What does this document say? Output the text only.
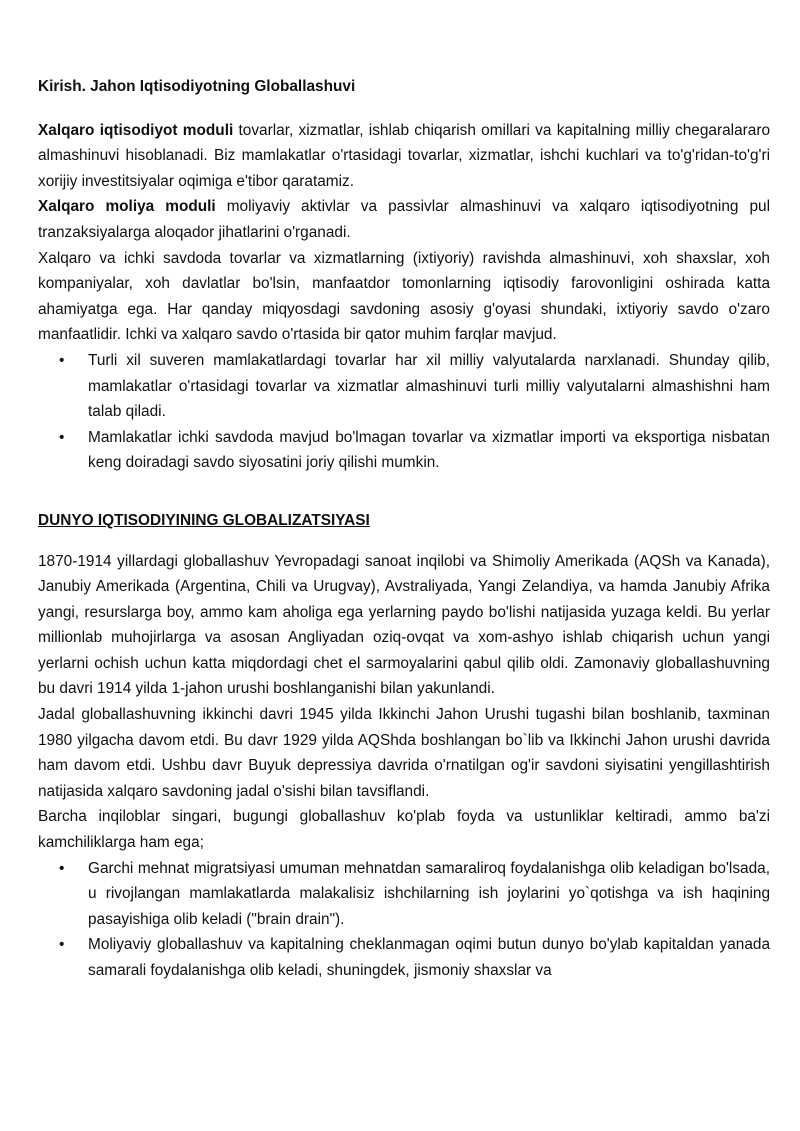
Kirish. Jahon Iqtisodiyotning Globallashuvi

Xalqaro iqtisodiyot moduli tovarlar, xizmatlar, ishlab chiqarish omillari va kapitalning milliy chegaralararo almashinuvi hisoblanadi. Biz mamlakatlar o'rtasidagi tovarlar, xizmatlar, ishchi kuchlari va to'g'ridan-to'g'ri xorijiy investitsiyalar oqimiga e'tibor qaratamiz.

Xalqaro moliya moduli moliyaviy aktivlar va passivlar almashinuvi va xalqaro iqtisodiyotning pul tranzaksiyalarga aloqador jihatlarini o'rganadi.

Xalqaro va ichki savdoda tovarlar va xizmatlarning (ixtiyoriy) ravishda almashinuvi, xoh shaxslar, xoh kompaniyalar, xoh davlatlar bo'lsin, manfaatdor tomonlarning iqtisodiy farovonligini oshirada katta ahamiyatga ega. Har qanday miqyosdagi savdoning asosiy g'oyasi shundaki, ixtiyoriy savdo o'zaro manfaatlidir. Ichki va xalqaro savdo o'rtasida bir qator muhim farqlar mavjud.

• Turli xil suveren mamlakatlardagi tovarlar har xil milliy valyutalarda narxlanadi. Shunday qilib, mamlakatlar o'rtasidagi tovarlar va xizmatlar almashinuvi turli milliy valyutalarni almashishni ham talab qiladi.
• Mamlakatlar ichki savdoda mavjud bo'lmagan tovarlar va xizmatlar importi va eksportiga nisbatan keng doiradagi savdo siyosatini joriy qilishi mumkin.
DUNYO IQTISODIYINING GLOBALIZATSIYASI

1870-1914 yillardagi globallashuv Yevropadagi sanoat inqilobi va Shimoliy Amerikada (AQSh va Kanada), Janubiy Amerikada (Argentina, Chili va Urugvay), Avstraliyada, Yangi Zelandiya, va hamda Janubiy Afrika yangi, resurslarga boy, ammo kam aholiga ega yerlarning paydo bo'lishi natijasida yuzaga keldi. Bu yerlar millionlab muhojirlarga va asosan Angliyadan oziq-ovqat va xom-ashyo ishlab chiqarish uchun yangi yerlarni ochish uchun katta miqdordagi chet el sarmoyalarini qabul qilib oldi. Zamonaviy globallashuvning bu davri 1914 yilda 1-jahon urushi boshlanganishi bilan yakunlandi.

Jadal globallashuvning ikkinchi davri 1945 yilda Ikkinchi Jahon Urushi tugashi bilan boshlanib, taxminan 1980 yilgacha davom etdi. Bu davr 1929 yilda AQShda boshlangan bo`lib va Ikkinchi Jahon urushi davrida ham davom etdi. Ushbu davr Buyuk depressiya davrida o'rnatilgan og'ir savdoni siyisatini yengillashtirish natijasida xalqaro savdoning jadal o'sishi bilan tavsiflandi.

Barcha inqiloblar singari, bugungi globallashuv ko'plab foyda va ustunliklar keltiradi, ammo ba'zi kamchiliklarga ham ega;

• Garchi mehnat migratsiyasi umuman mehnatdan samaraliroq foydalanishga olib keladigan bo'lsada, u rivojlangan mamlakatlarda malakalisiz ishchilarning ish joylarini yo`qotishga va ish haqining pasayishiga olib keladi ("brain drain").
• Moliyaviy globallashuv va kapitalning cheklanmagan oqimi butun dunyo bo'ylab kapitaldan yanada samarali foydalanishga olib keladi, shuningdek, jismoniy shaxslar va
